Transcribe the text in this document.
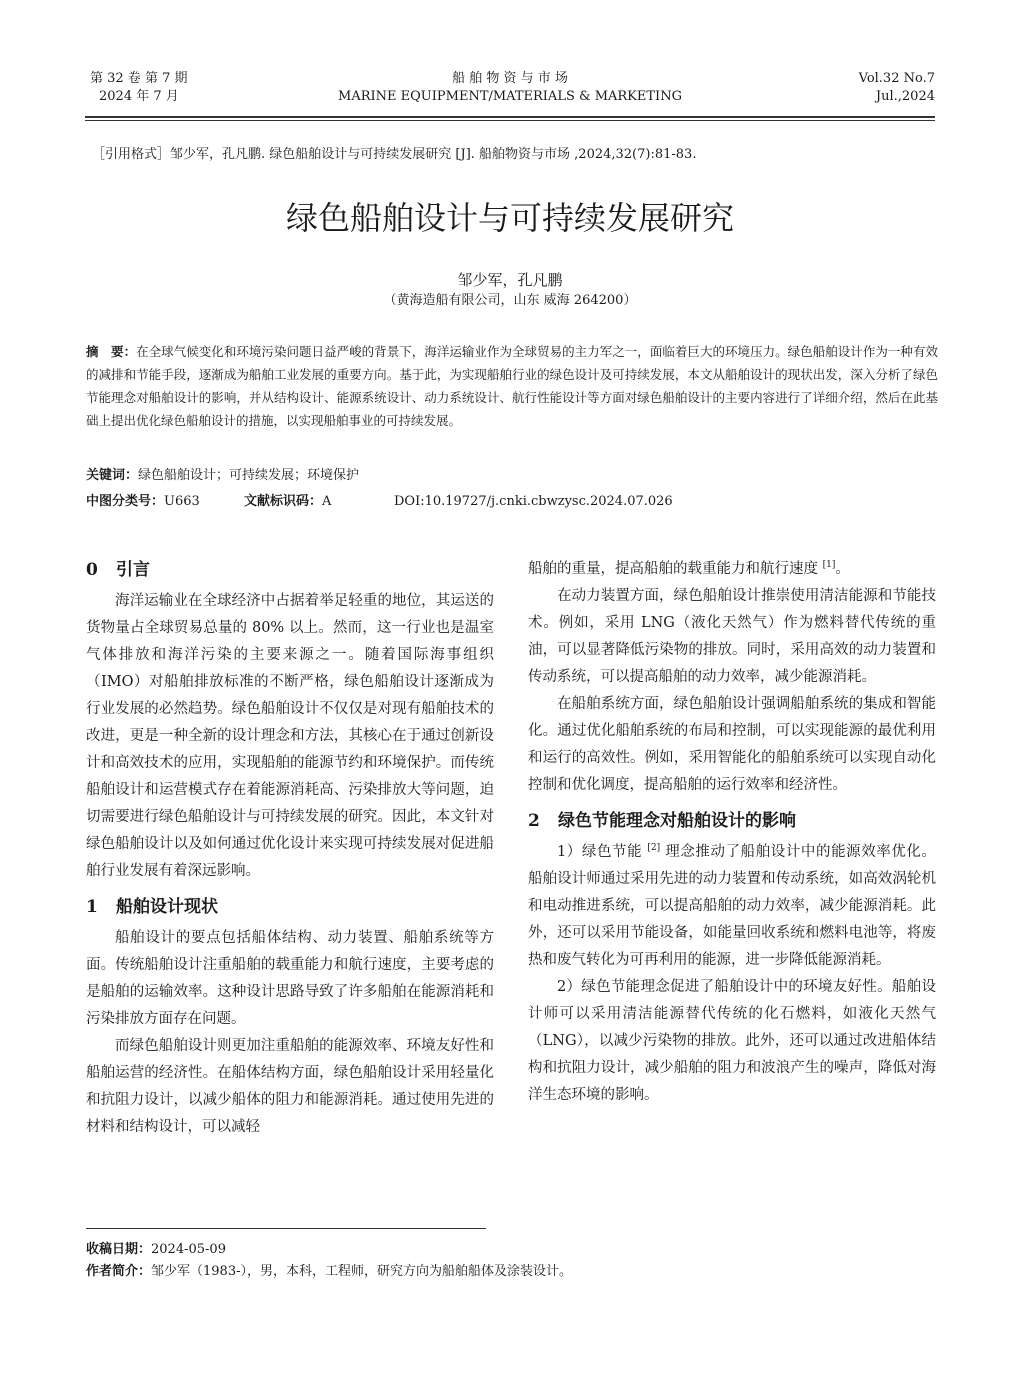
第 32 卷 第 7 期
2024 年 7 月
船 舶 物 资 与 市 场
MARINE EQUIPMENT/MATERIALS & MARKETING
Vol.32 No.7
Jul.,2024
［引用格式］邹少军，孔凡鹏. 绿色船舶设计与可持续发展研究 [J]. 船舶物资与市场 ,2024,32(7):81-83.
绿色船舶设计与可持续发展研究
邹少军，孔凡鹏
（黄海造船有限公司，山东 威海 264200）
摘　要：在全球气候变化和环境污染问题日益严峻的背景下，海洋运输业作为全球贸易的主力军之一，面临着巨大的环境压力。绿色船舶设计作为一种有效的减排和节能手段，逐渐成为船舶工业发展的重要方向。基于此，为实现船舶行业的绿色设计及可持续发展，本文从船舶设计的现状出发，深入分析了绿色节能理念对船舶设计的影响，并从结构设计、能源系统设计、动力系统设计、航行性能设计等方面对绿色船舶设计的主要内容进行了详细介绍，然后在此基础上提出优化绿色船舶设计的措施，以实现船舶事业的可持续发展。
关键词：绿色船舶设计；可持续发展；环境保护
中图分类号：U663	文献标识码：A	DOI:10.19727/j.cnki.cbwzysc.2024.07.026
0 引言

海洋运输业在全球经济中占据着举足轻重的地位，其运送的货物量占全球贸易总量的 80% 以上。然而，这一行业也是温室气体排放和海洋污染的主要来源之一。随着国际海事组织（IMO）对船舶排放标准的不断严格，绿色船舶设计逐渐成为行业发展的必然趋势。绿色船舶设计不仅仅是对现有船舶技术的改进，更是一种全新的设计理念和方法，其核心在于通过创新设计和高效技术的应用，实现船舶的能源节约和环境保护。而传统船舶设计和运营模式存在着能源消耗高、污染排放大等问题，迫切需要进行绿色船舶设计与可持续发展的研究。因此，本文针对绿色船舶设计以及如何通过优化设计来实现可持续发展对促进船舶行业发展有着深远影响。

1 船舶设计现状

船舶设计的要点包括船体结构、动力装置、船舶系统等方面。传统船舶设计注重船舶的载重能力和航行速度，主要考虑的是船舶的运输效率。这种设计思路导致了许多船舶在能源消耗和污染排放方面存在问题。

而绿色船舶设计则更加注重船舶的能源效率、环境友好性和船舶运营的经济性。在船体结构方面，绿色船舶设计采用轻量化和抗阻力设计，以减少船体的阻力和能源消耗。通过使用先进的材料和结构设计，可以减轻

船舶的重量，提高船舶的载重能力和航行速度 [1]。

在动力装置方面，绿色船舶设计推崇使用清洁能源和节能技术。例如，采用 LNG（液化天然气）作为燃料替代传统的重油，可以显著降低污染物的排放。同时，采用高效的动力装置和传动系统，可以提高船舶的动力效率，减少能源消耗。

在船舶系统方面，绿色船舶设计强调船舶系统的集成和智能化。通过优化船舶系统的布局和控制，可以实现能源的最优利用和运行的高效性。例如，采用智能化的船舶系统可以实现自动化控制和优化调度，提高船舶的运行效率和经济性。

2 绿色节能理念对船舶设计的影响

1）绿色节能 [2] 理念推动了船舶设计中的能源效率优化。船舶设计师通过采用先进的动力装置和传动系统，如高效涡轮机和电动推进系统，可以提高船舶的动力效率，减少能源消耗。此外，还可以采用节能设备，如能量回收系统和燃料电池等，将废热和废气转化为可再利用的能源，进一步降低能源消耗。

2）绿色节能理念促进了船舶设计中的环境友好性。船舶设计师可以采用清洁能源替代传统的化石燃料，如液化天然气（LNG），以减少污染物的排放。此外，还可以通过改进船体结构和抗阻力设计，减少船舶的阻力和波浪产生的噪声，降低对海洋生态环境的影响。

收稿日期：2024-05-09
作者简介：邹少军（1983-），男，本科，工程师，研究方向为船舶船体及涂装设计。
